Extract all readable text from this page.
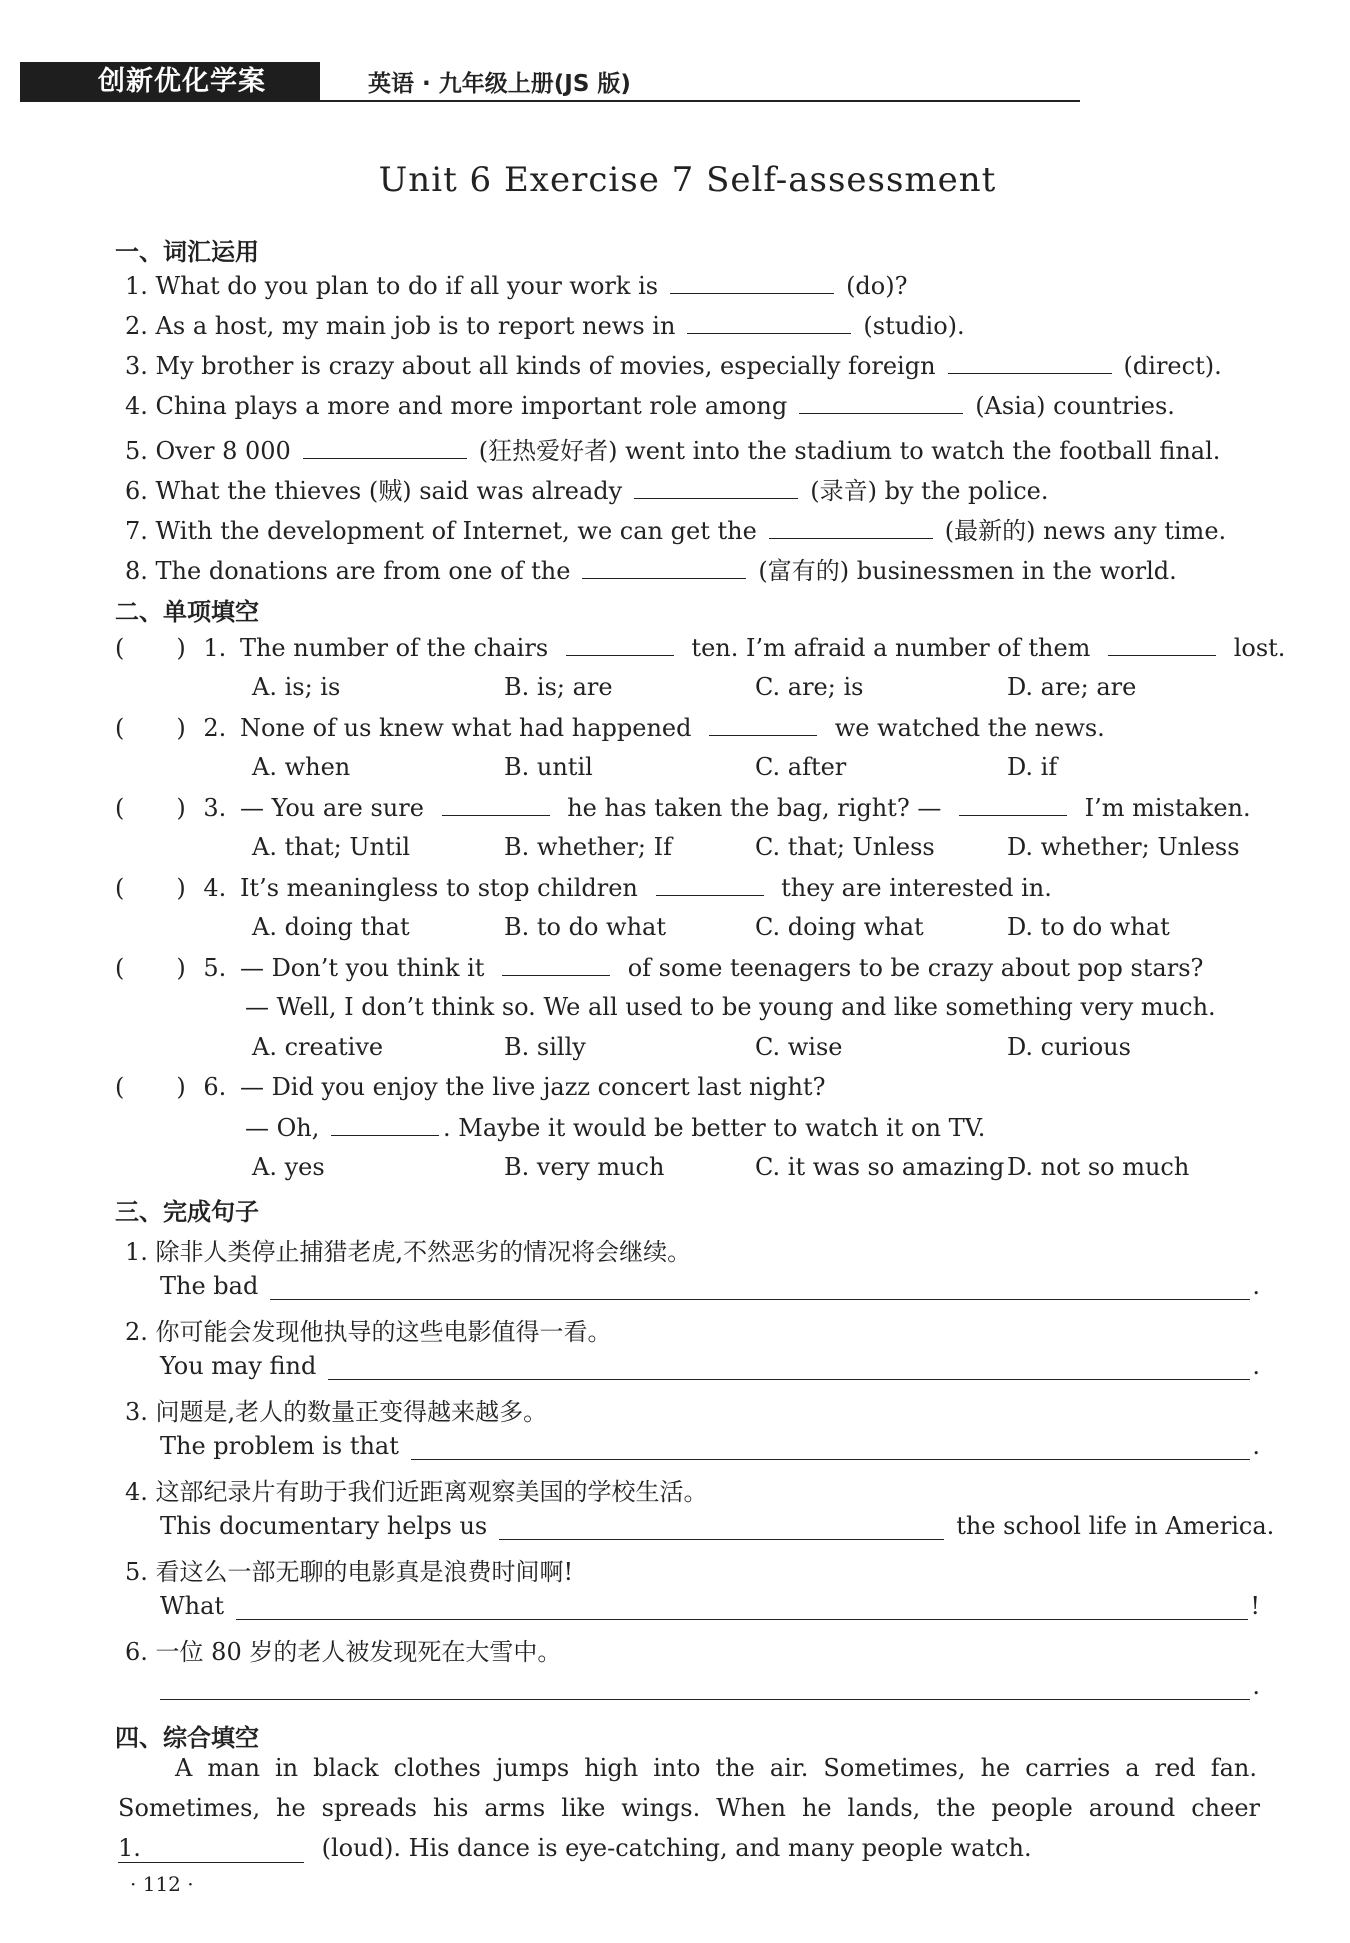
创新优化学案	英语 · 九年级上册(JS 版)
Unit 6 Exercise 7 Self-assessment
一、词汇运用
1. What do you plan to do if all your work is	(do)?
2. As a host, my main job is to report news in	(studio).
3. My brother is crazy about all kinds of movies, especially foreign	(direct).
4. China plays a more and more important role among	(Asia) countries.
5. Over 8 000	(狂热爱好者) went into the stadium to watch the football final.
6. What the thieves (贼) said was already	(录音) by the police.
7. With the development of Internet, we can get the	(最新的) news any time.
8. The donations are from one of the	(富有的) businessmen in the world.
二、单项填空
( ) 1. The number of the chairs	ten. I’m afraid a number of them	lost.
A. is; is	B. is; are	C. are; is	D. are; are
( ) 2. None of us knew what had happened	we watched the news.
A. when	B. until	C. after	D. if
( ) 3. — You are sure	he has taken the bag, right? —	I’m mistaken.
A. that; Until	B. whether; If	C. that; Unless	D. whether; Unless
( ) 4. It’s meaningless to stop children	they are interested in.
A. doing that	B. to do what	C. doing what	D. to do what
( ) 5. — Don’t you think it	of some teenagers to be crazy about pop stars?
— Well, I don’t think so. We all used to be young and like something very much.
A. creative	B. silly	C. wise	D. curious
( ) 6. — Did you enjoy the live jazz concert last night?
— Oh,	. Maybe it would be better to watch it on TV.
A. yes	B. very much	C. it was so amazing D. not so much
三、完成句子
1. 除非人类停止捕猎老虎,不然恶劣的情况将会继续。
The bad	.
2. 你可能会发现他执导的这些电影值得一看。
You may find	.
3. 问题是,老人的数量正变得越来越多。
The problem is that	.
4. 这部纪录片有助于我们近距离观察美国的学校生活。
This documentary helps us	the school life in America.
5. 看这么一部无聊的电影真是浪费时间啊!
What	!
6. 一位 80 岁的老人被发现死在大雪中。
.
四、综合填空
A man in black clothes jumps high into the air. Sometimes, he carries a red fan.
Sometimes, he spreads his arms like wings. When he lands, the people around cheer
1.	(loud). His dance is eye-catching, and many people watch.
· 112 ·
